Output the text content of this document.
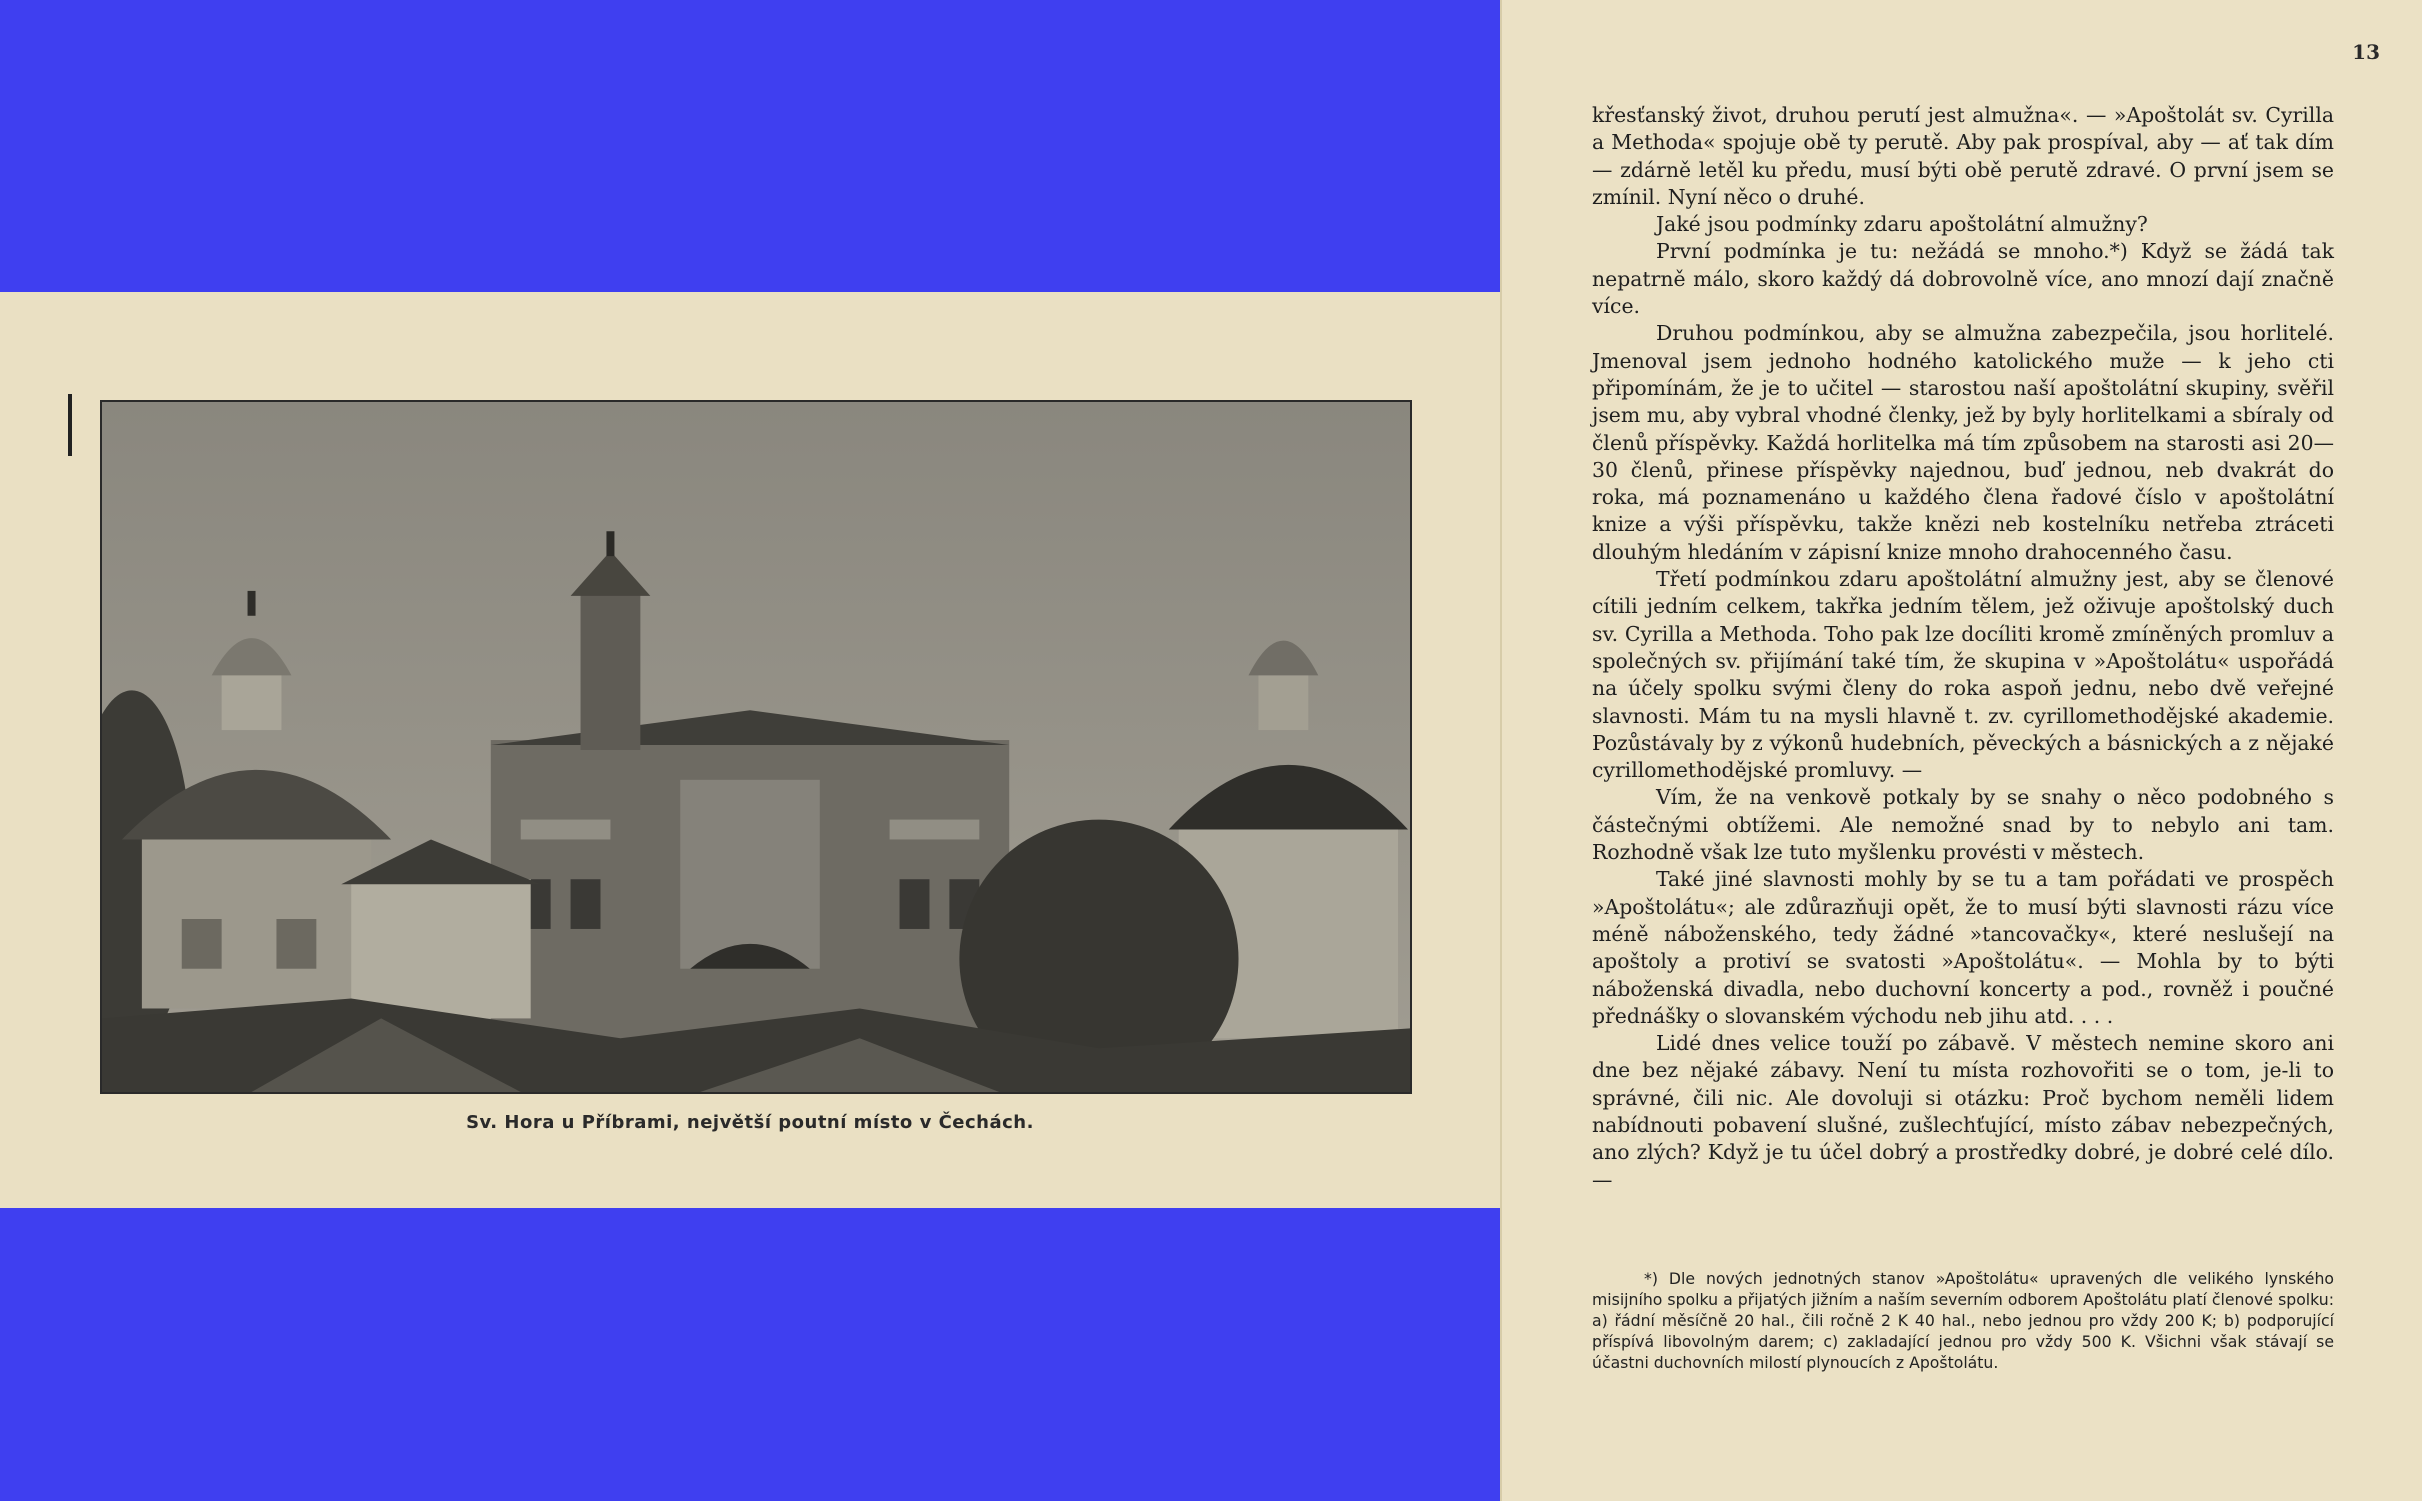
Sv. Hora u Příbrami, největší poutní místo v Čechách.
13

křesťanský život, druhou perutí jest almužna«. — »Apoštolát sv. Cyrilla a Methoda« spojuje obě ty perutě. Aby pak prospíval, aby — ať tak dím — zdárně letěl ku předu, musí býti obě perutě zdravé. O první jsem se zmínil. Nyní něco o druhé.

Jaké jsou podmínky zdaru apoštolátní almužny?

První podmínka je tu: nežádá se mnoho.*) Když se žádá tak nepatrně málo, skoro každý dá dobrovolně více, ano mnozí dají značně více.

Druhou podmínkou, aby se almužna zabezpečila, jsou horlitelé. Jmenoval jsem jednoho hodného katolického muže — k jeho cti připomínám, že je to učitel — starostou naší apoštolátní skupiny, svěřil jsem mu, aby vybral vhodné členky, jež by byly horlitelkami a sbíraly od členů příspěvky. Každá horlitelka má tím způsobem na starosti asi 20—30 členů, přinese příspěvky najednou, buď jednou, neb dvakrát do roka, má poznamenáno u každého člena řadové číslo v apoštolátní knize a výši příspěvku, takže knězi neb kostelníku netřeba ztráceti dlouhým hledáním v zápisní knize mnoho drahocenného času.

Třetí podmínkou zdaru apoštolátní almužny jest, aby se členové cítili jedním celkem, takřka jedním tělem, jež oživuje apoštolský duch sv. Cyrilla a Methoda. Toho pak lze docíliti kromě zmíněných promluv a společných sv. přijímání také tím, že skupina v »Apoštolátu« uspořádá na účely spolku svými členy do roka aspoň jednu, nebo dvě veřejné slavnosti. Mám tu na mysli hlavně t. zv. cyrillomethodějské akademie. Pozůstávaly by z výkonů hudebních, pěveckých a básnických a z nějaké cyrillomethodějské promluvy. —

Vím, že na venkově potkaly by se snahy o něco podobného s částečnými obtížemi. Ale nemožné snad by to nebylo ani tam. Rozhodně však lze tuto myšlenku provésti v městech.

Také jiné slavnosti mohly by se tu a tam pořádati ve prospěch »Apoštolátu«; ale zdůrazňuji opět, že to musí býti slavnosti rázu více méně náboženského, tedy žádné »tancovačky«, které neslušejí na apoštoly a protiví se svatosti »Apoštolátu«. — Mohla by to býti náboženská divadla, nebo duchovní koncerty a pod., rovněž i poučné přednášky o slovanském východu neb jihu atd. . . .

Lidé dnes velice touží po zábavě. V městech nemine skoro ani dne bez nějaké zábavy. Není tu místa rozhovořiti se o tom, je-li to správné, čili nic. Ale dovoluji si otázku: Proč bychom neměli lidem nabídnouti pobavení slušné, zušlechťující, místo zábav nebezpečných, ano zlých? Když je tu účel dobrý a prostředky dobré, je dobré celé dílo. —

*) Dle nových jednotných stanov »Apoštolátu« upravených dle velikého lynského misijního spolku a přijatých jižním a naším severním odborem Apoštolátu platí členové spolku: a) řádní měsíčně 20 hal., čili ročně 2 K 40 hal., nebo jednou pro vždy 200 K; b) podporující příspívá libovolným darem; c) zakladající jednou pro vždy 500 K. Všichni však stávají se účastni duchovních milostí plynoucích z Apoštolátu.
